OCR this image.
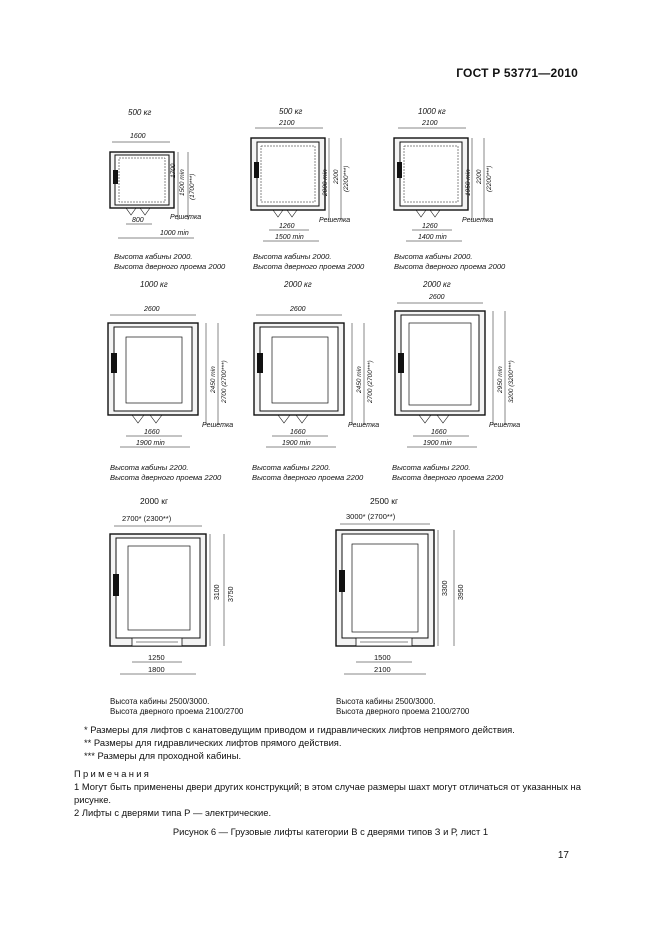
ГОСТ Р 53771—2010
500 кг
1600
1500 min
1700
(1700***)
Решетка
800
1000 min
Высота кабины 2000.
Высота дверного проема 2000
500 кг
2100
2000 min 2200 (2200***)
Решетка
1260
1500 min
Высота кабины 2000.
Высота дверного проема 2000
1000 кг
2100
1950 min 2200 (2200***)
Решетка
1260
1400 min
Высота кабины 2000.
Высота дверного проема 2000
1000 кг
2600
2450 min 2700 (2700***)
Решетка
1660
1900 min
Высота кабины 2200.
Высота дверного проема 2200
2000 кг
2600
2450 min 2700 (2700***)
Решетка
1660
1900 min
Высота кабины 2200.
Высота дверного проема 2200
2000 кг
2600
2950 min 3200 (3200***)
Решетка
1660
1900 min
Высота кабины 2200.
Высота дверного проема 2200
2000 кг
2700* (2300**)
3100 3750
1250
1800
Высота кабины 2500/3000.
Высота дверного проема 2100/2700
2500 кг
3000* (2700**)
3300 3950
1500
2100
Высота кабины 2500/3000.
Высота дверного проема 2100/2700

* Размеры для лифтов с канатоведущим приводом и гидравлических лифтов непрямого действия.

** Размеры для гидравлических лифтов прямого действия.

*** Размеры для проходной кабины.

Примечания

1 Могут быть применены двери других конструкций; в этом случае размеры шахт могут отличаться от указанных на рисунке.

2 Лифты с дверями типа Р — электрические.

Рисунок 6 — Грузовые лифты категории В с дверями типов З и Р, лист 1
17
